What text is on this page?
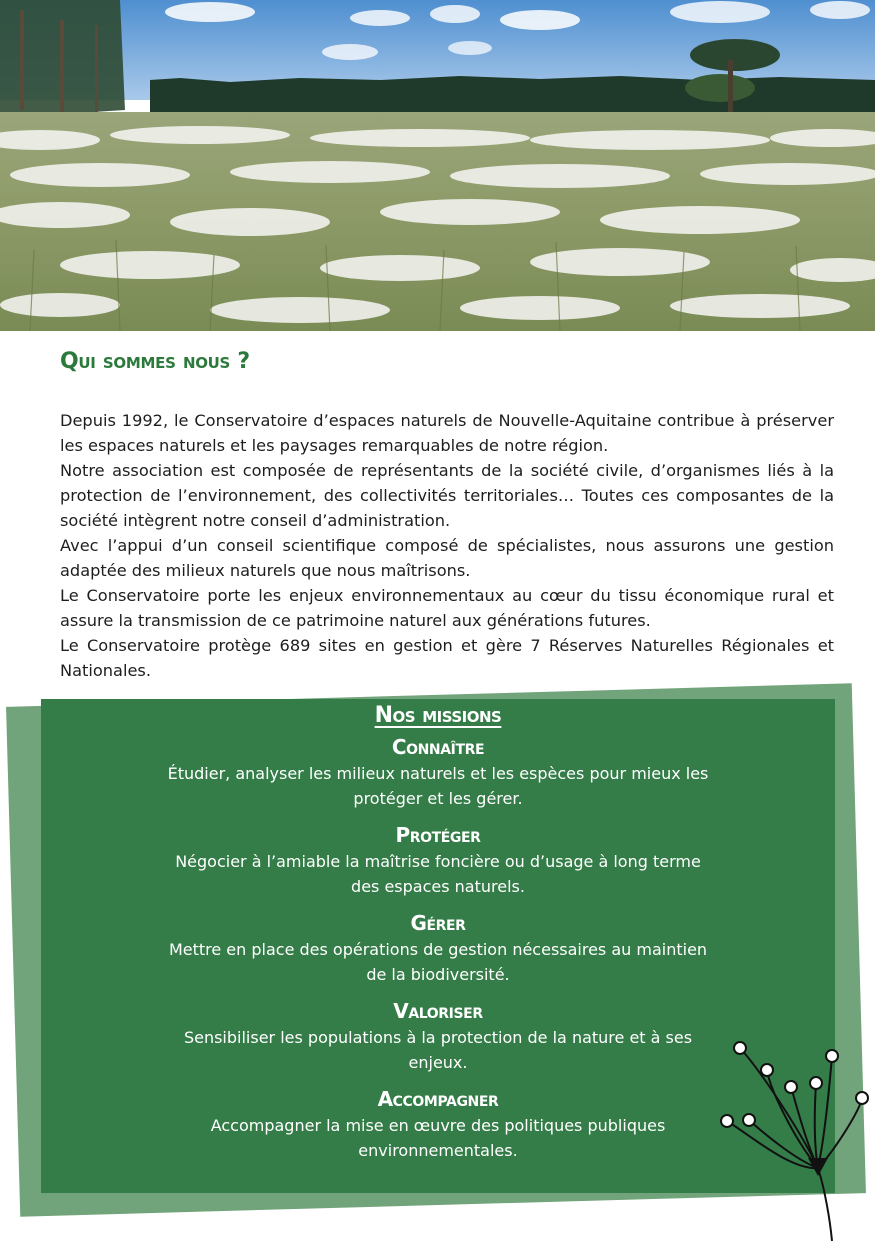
Qui sommes nous ?

Depuis 1992, le Conservatoire d’espaces naturels de Nouvelle-Aquitaine contribue à préserver les espaces naturels et les paysages remarquables de notre région.

Notre association est composée de représentants de la société civile, d’organismes liés à la protection de l’environnement, des collectivités territoriales… Toutes ces composantes de la société intègrent notre conseil d’administration.

Avec l’appui d’un conseil scientifique composé de spécialistes, nous assurons une gestion adaptée des milieux naturels que nous maîtrisons.

Le Conservatoire porte les enjeux environnementaux au cœur du tissu économique rural et assure la transmission de ce patrimoine naturel aux générations futures.

Le Conservatoire protège 689 sites en gestion et gère 7 Réserves Naturelles Régionales et Nationales.

Nos missions
Connaître

Étudier, analyser les milieux naturels et les espèces pour mieux les protéger et les gérer.

Protéger

Négocier à l’amiable la maîtrise foncière ou d’usage à long terme des espaces naturels.

Gérer

Mettre en place des opérations de gestion nécessaires au maintien de la biodiversité.

Valoriser

Sensibiliser les populations à la protection de la nature et à ses enjeux.

Accompagner

Accompagner la mise en œuvre des politiques publiques environnementales.
